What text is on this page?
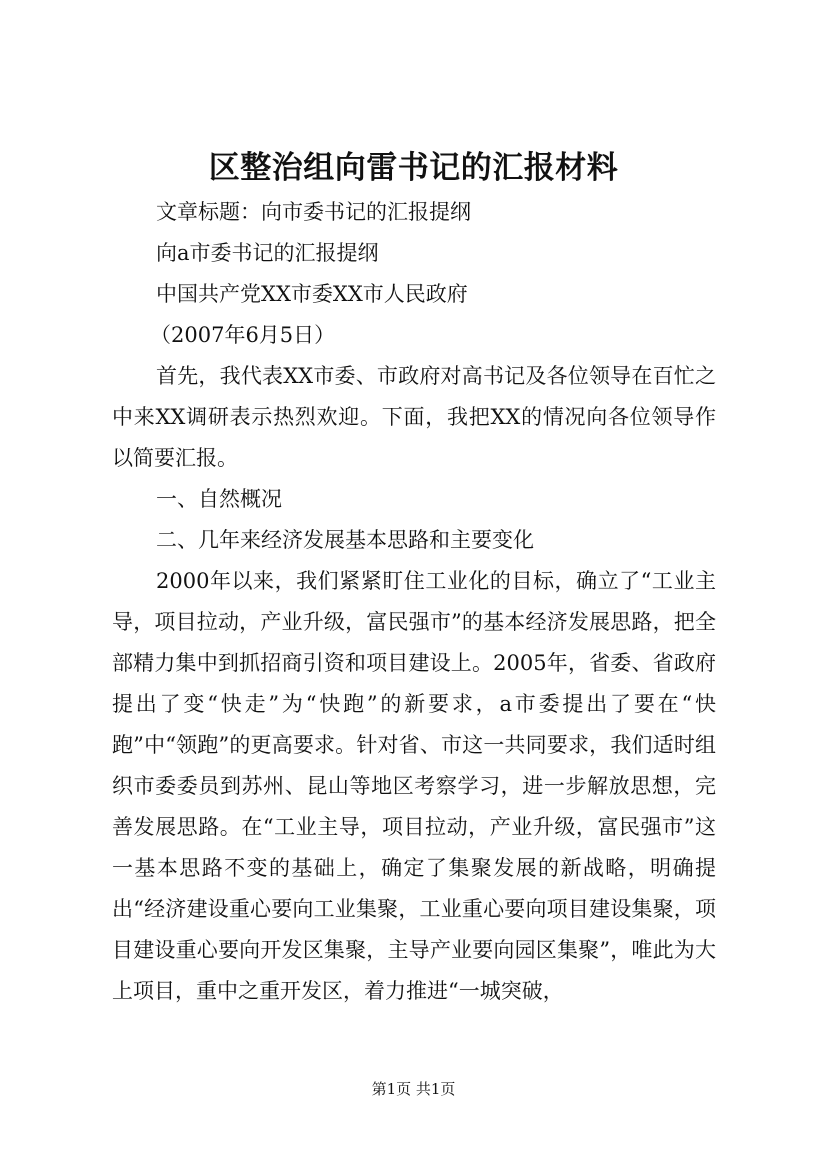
区整治组向雷书记的汇报材料

文章标题：向市委书记的汇报提纲

向a市委书记的汇报提纲

中国共产党XX市委XX市人民政府

（2007年6月5日）

首先，我代表XX市委、市政府对高书记及各位领导在百忙之中来XX调研表示热烈欢迎。下面，我把XX的情况向各位领导作以简要汇报。

一、自然概况

二、几年来经济发展基本思路和主要变化

2000年以来，我们紧紧盯住工业化的目标，确立了“工业主导，项目拉动，产业升级，富民强市”的基本经济发展思路，把全部精力集中到抓招商引资和项目建设上。2005年，省委、省政府提出了变“快走”为“快跑”的新要求，a市委提出了要在“快跑”中“领跑”的更高要求。针对省、市这一共同要求，我们适时组织市委委员到苏州、昆山等地区考察学习，进一步解放思想，完善发展思路。在“工业主导，项目拉动，产业升级，富民强市”这一基本思路不变的基础上，确定了集聚发展的新战略，明确提出“经济建设重心要向工业集聚，工业重心要向项目建设集聚，项目建设重心要向开发区集聚，主导产业要向园区集聚”，唯此为大上项目，重中之重开发区，着力推进“一城突破，

第1页 共1页
